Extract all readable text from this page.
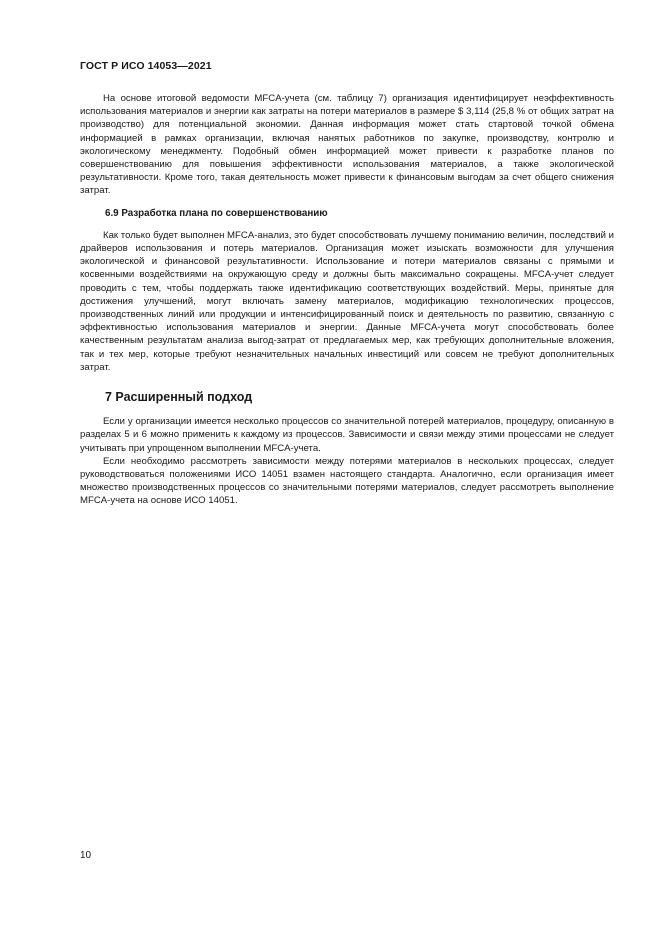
ГОСТ Р ИСО 14053—2021

На основе итоговой ведомости MFCA-учета (см. таблицу 7) организация идентифицирует неэффективность использования материалов и энергии как затраты на потери материалов в размере $ 3,114 (25,8 % от общих затрат на производство) для потенциальной экономии. Данная информация может стать стартовой точкой обмена информацией в рамках организации, включая нанятых работников по закупке, производству, контролю и экологическому менеджменту. Подобный обмен информацией может привести к разработке планов по совершенствованию для повышения эффективности использования материалов, а также экологической результативности. Кроме того, такая деятельность может привести к финансовым выгодам за счет общего снижения затрат.

6.9 Разработка плана по совершенствованию

Как только будет выполнен MFCA-анализ, это будет способствовать лучшему пониманию величин, последствий и драйверов использования и потерь материалов. Организация может изыскать возможности для улучшения экологической и финансовой результативности. Использование и потери материалов связаны с прямыми и косвенными воздействиями на окружающую среду и должны быть максимально сокращены. MFCA-учет следует проводить с тем, чтобы поддержать также идентификацию соответствующих воздействий. Меры, принятые для достижения улучшений, могут включать замену материалов, модификацию технологических процессов, производственных линий или продукции и интенсифицированный поиск и деятельность по развитию, связанную с эффективностью использования материалов и энергии. Данные MFCA-учета могут способствовать более качественным результатам анализа выгод-затрат от предлагаемых мер, как требующих дополнительные вложения, так и тех мер, которые требуют незначительных начальных инвестиций или совсем не требуют дополнительных затрат.

7 Расширенный подход

Если у организации имеется несколько процессов со значительной потерей материалов, процедуру, описанную в разделах 5 и 6 можно применить к каждому из процессов. Зависимости и связи между этими процессами не следует учитывать при упрощенном выполнении MFCA-учета.

Если необходимо рассмотреть зависимости между потерями материалов в нескольких процессах, следует руководствоваться положениями ИСО 14051 взамен настоящего стандарта. Аналогично, если организация имеет множество производственных процессов со значительными потерями материалов, следует рассмотреть выполнение MFCA-учета на основе ИСО 14051.

10
